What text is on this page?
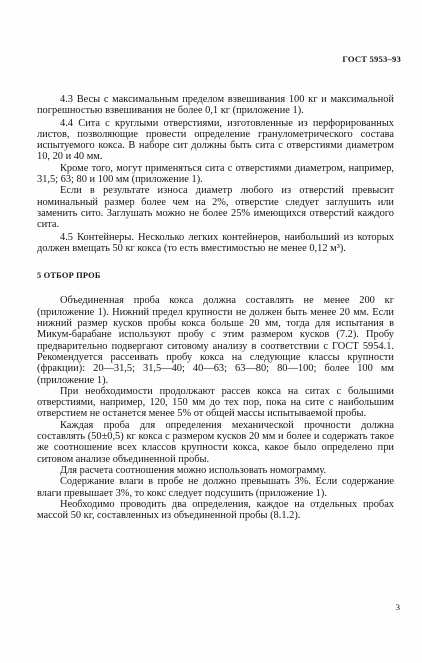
ГОСТ 5953–93

4.3 Весы с максимальным пределом взвешивания 100 кг и максимальной погрешностью взвешивания не более 0,1 кг (приложение 1).

4.4 Сита с круглыми отверстиями, изготовленные из перфорированных листов, позволяющие провести определение гранулометрического состава испытуемого кокса. В наборе сит должны быть сита с отверстиями диаметром 10, 20 и 40 мм.

Кроме того, могут применяться сита с отверстиями диаметром, например, 31,5; 63; 80 и 100 мм (приложение 1).

Если в результате износа диаметр любого из отверстий превысит номинальный размер более чем на 2%, отверстие следует заглушить или заменить сито. Заглушать можно не более 25% имеющихся отверстий каждого сита.

4.5 Контейнеры. Несколько легких контейнеров, наибольший из которых должен вмещать 50 кг кокса (то есть вместимостью не менее 0,12 м³).

5 ОТБОР ПРОБ

Объединенная проба кокса должна составлять не менее 200 кг (приложение 1). Нижний предел крупности не должен быть менее 20 мм. Если нижний размер кусков пробы кокса больше 20 мм, тогда для испытания в Микум-барабане используют пробу с этим размером кусков (7.2). Пробу предварительно подвергают ситовому анализу в соответствии с ГОСТ 5954.1. Рекомендуется рассеивать пробу кокса на следующие классы крупности (фракции): 20—31,5; 31,5—40; 40—63; 63—80; 80—100; более 100 мм (приложение 1).

При необходимости продолжают рассев кокса на ситах с большими отверстиями, например, 120, 150 мм до тех пор, пока на сите с наибольшим отверстием не останется менее 5% от общей массы испытываемой пробы.

Каждая проба для определения механической прочности должна составлять (50±0,5) кг кокса с размером кусков 20 мм и более и содержать такое же соотношение всех классов крупности кокса, какое было определено при ситовом анализе объединенной пробы.

Для расчета соотношения можно использовать номограмму.

Содержание влаги в пробе не должно превышать 3%. Если содержание влаги превышает 3%, то кокс следует подсушить (приложение 1).

Необходимо проводить два определения, каждое на отдельных пробах массой 50 кг, составленных из объединенной пробы (8.1.2).

3
